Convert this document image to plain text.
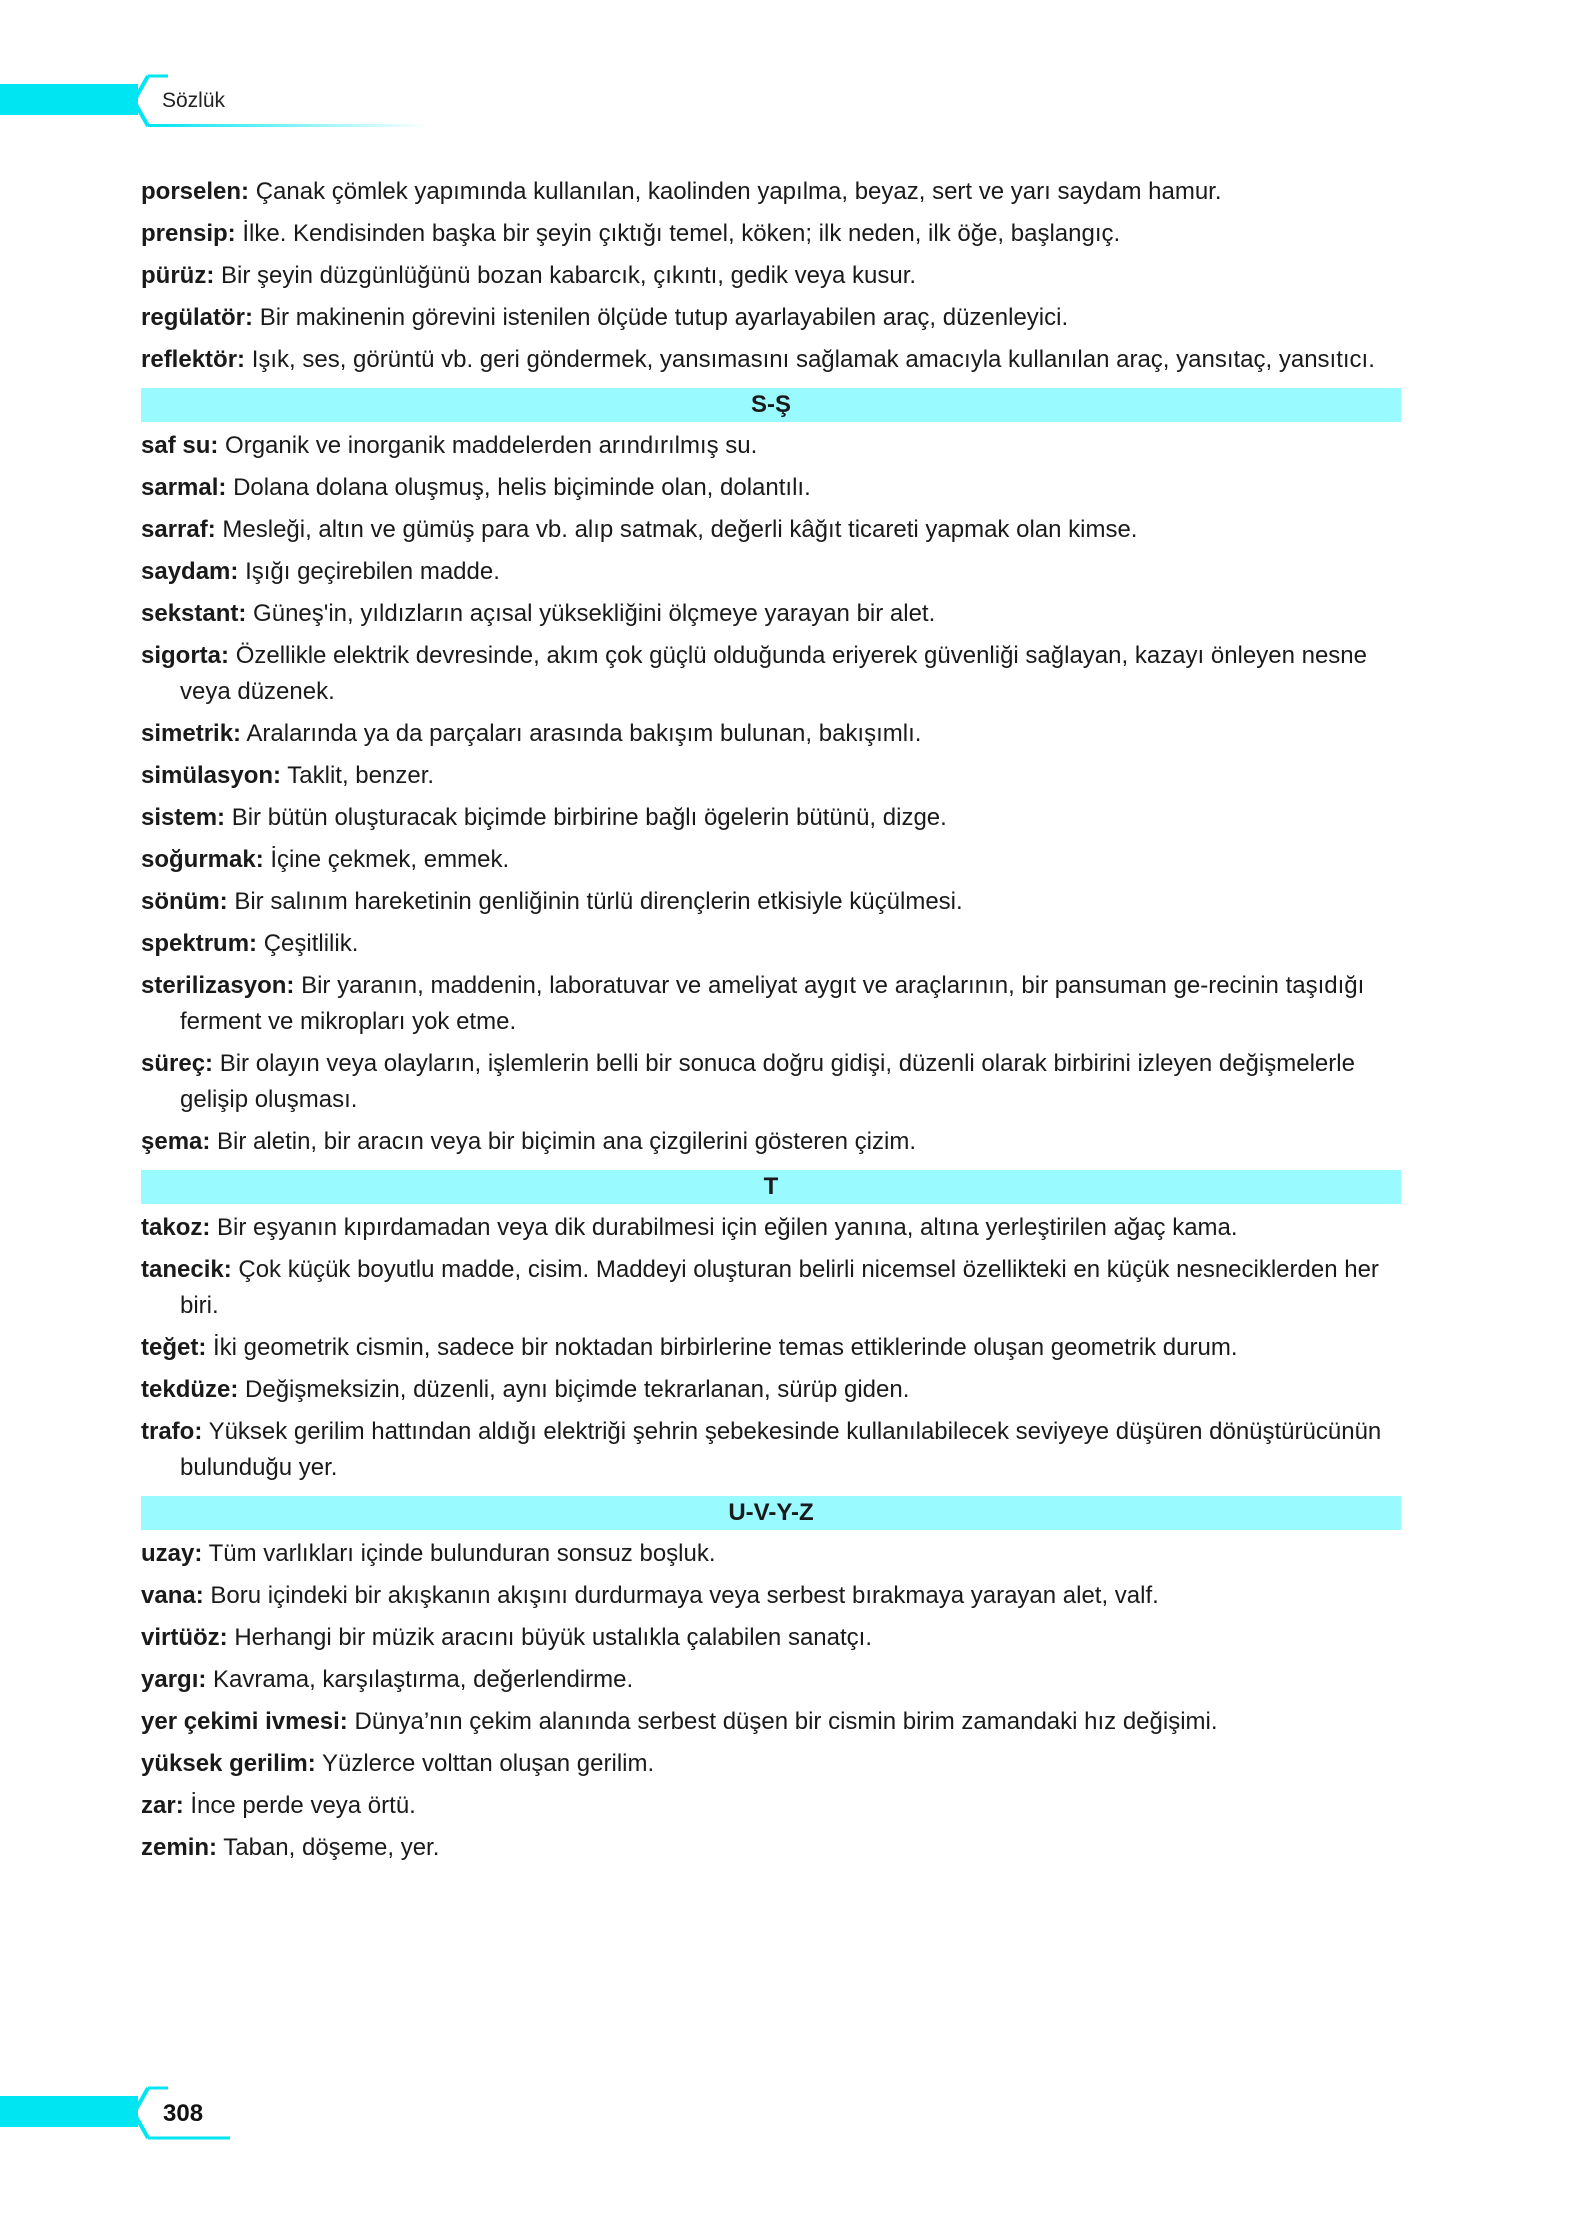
Sözlük
porselen: Çanak çömlek yapımında kullanılan, kaolinden yapılma, beyaz, sert ve yarı saydam hamur.
prensip: İlke. Kendisinden başka bir şeyin çıktığı temel, köken; ilk neden, ilk öğe, başlangıç.
pürüz: Bir şeyin düzgünlüğünü bozan kabarcık, çıkıntı, gedik veya kusur.
regülatör: Bir makinenin görevini istenilen ölçüde tutup ayarlayabilen araç, düzenleyici.
reflektör: Işık, ses, görüntü vb. geri göndermek, yansımasını sağlamak amacıyla kullanılan araç, yansıtaç, yansıtıcı.
S-Ş
saf su: Organik ve inorganik maddelerden arındırılmış su.
sarmal: Dolana dolana oluşmuş, helis biçiminde olan, dolantılı.
sarraf: Mesleği, altın ve gümüş para vb. alıp satmak, değerli kâğıt ticareti yapmak olan kimse.
saydam: Işığı geçirebilen madde.
sekstant: Güneş'in, yıldızların açısal yüksekliğini ölçmeye yarayan bir alet.
sigorta: Özellikle elektrik devresinde, akım çok güçlü olduğunda eriyerek güvenliği sağlayan, kazayı önleyen nesne veya düzenek.
simetrik: Aralarında ya da parçaları arasında bakışım bulunan, bakışımlı.
simülasyon: Taklit, benzer.
sistem: Bir bütün oluşturacak biçimde birbirine bağlı ögelerin bütünü, dizge.
soğurmak: İçine çekmek, emmek.
sönüm: Bir salınım hareketinin genliğinin türlü dirençlerin etkisiyle küçülmesi.
spektrum: Çeşitlilik.
sterilizasyon: Bir yaranın, maddenin, laboratuvar ve ameliyat aygıt ve araçlarının, bir pansuman ge-recinin taşıdığı ferment ve mikropları yok etme.
süreç: Bir olayın veya olayların, işlemlerin belli bir sonuca doğru gidişi, düzenli olarak birbirini izleyen değişmelerle gelişip oluşması.
şema: Bir aletin, bir aracın veya bir biçimin ana çizgilerini gösteren çizim.
T
takoz: Bir eşyanın kıpırdamadan veya dik durabilmesi için eğilen yanına, altına yerleştirilen ağaç kama.
tanecik: Çok küçük boyutlu madde, cisim. Maddeyi oluşturan belirli nicemsel özellikteki en küçük nesneciklerden her biri.
teğet: İki geometrik cismin, sadece bir noktadan birbirlerine temas ettiklerinde oluşan geometrik durum.
tekdüze: Değişmeksizin, düzenli, aynı biçimde tekrarlanan, sürüp giden.
trafo: Yüksek gerilim hattından aldığı elektriği şehrin şebekesinde kullanılabilecek seviyeye düşüren dönüştürücünün bulunduğu yer.
U-V-Y-Z
uzay: Tüm varlıkları içinde bulunduran sonsuz boşluk.
vana: Boru içindeki bir akışkanın akışını durdurmaya veya serbest bırakmaya yarayan alet, valf.
virtüöz: Herhangi bir müzik aracını büyük ustalıkla çalabilen sanatçı.
yargı: Kavrama, karşılaştırma, değerlendirme.
yer çekimi ivmesi: Dünya’nın çekim alanında serbest düşen bir cismin birim zamandaki hız değişimi.
yüksek gerilim: Yüzlerce volttan oluşan gerilim.
zar: İnce perde veya örtü.
zemin: Taban, döşeme, yer.
308
